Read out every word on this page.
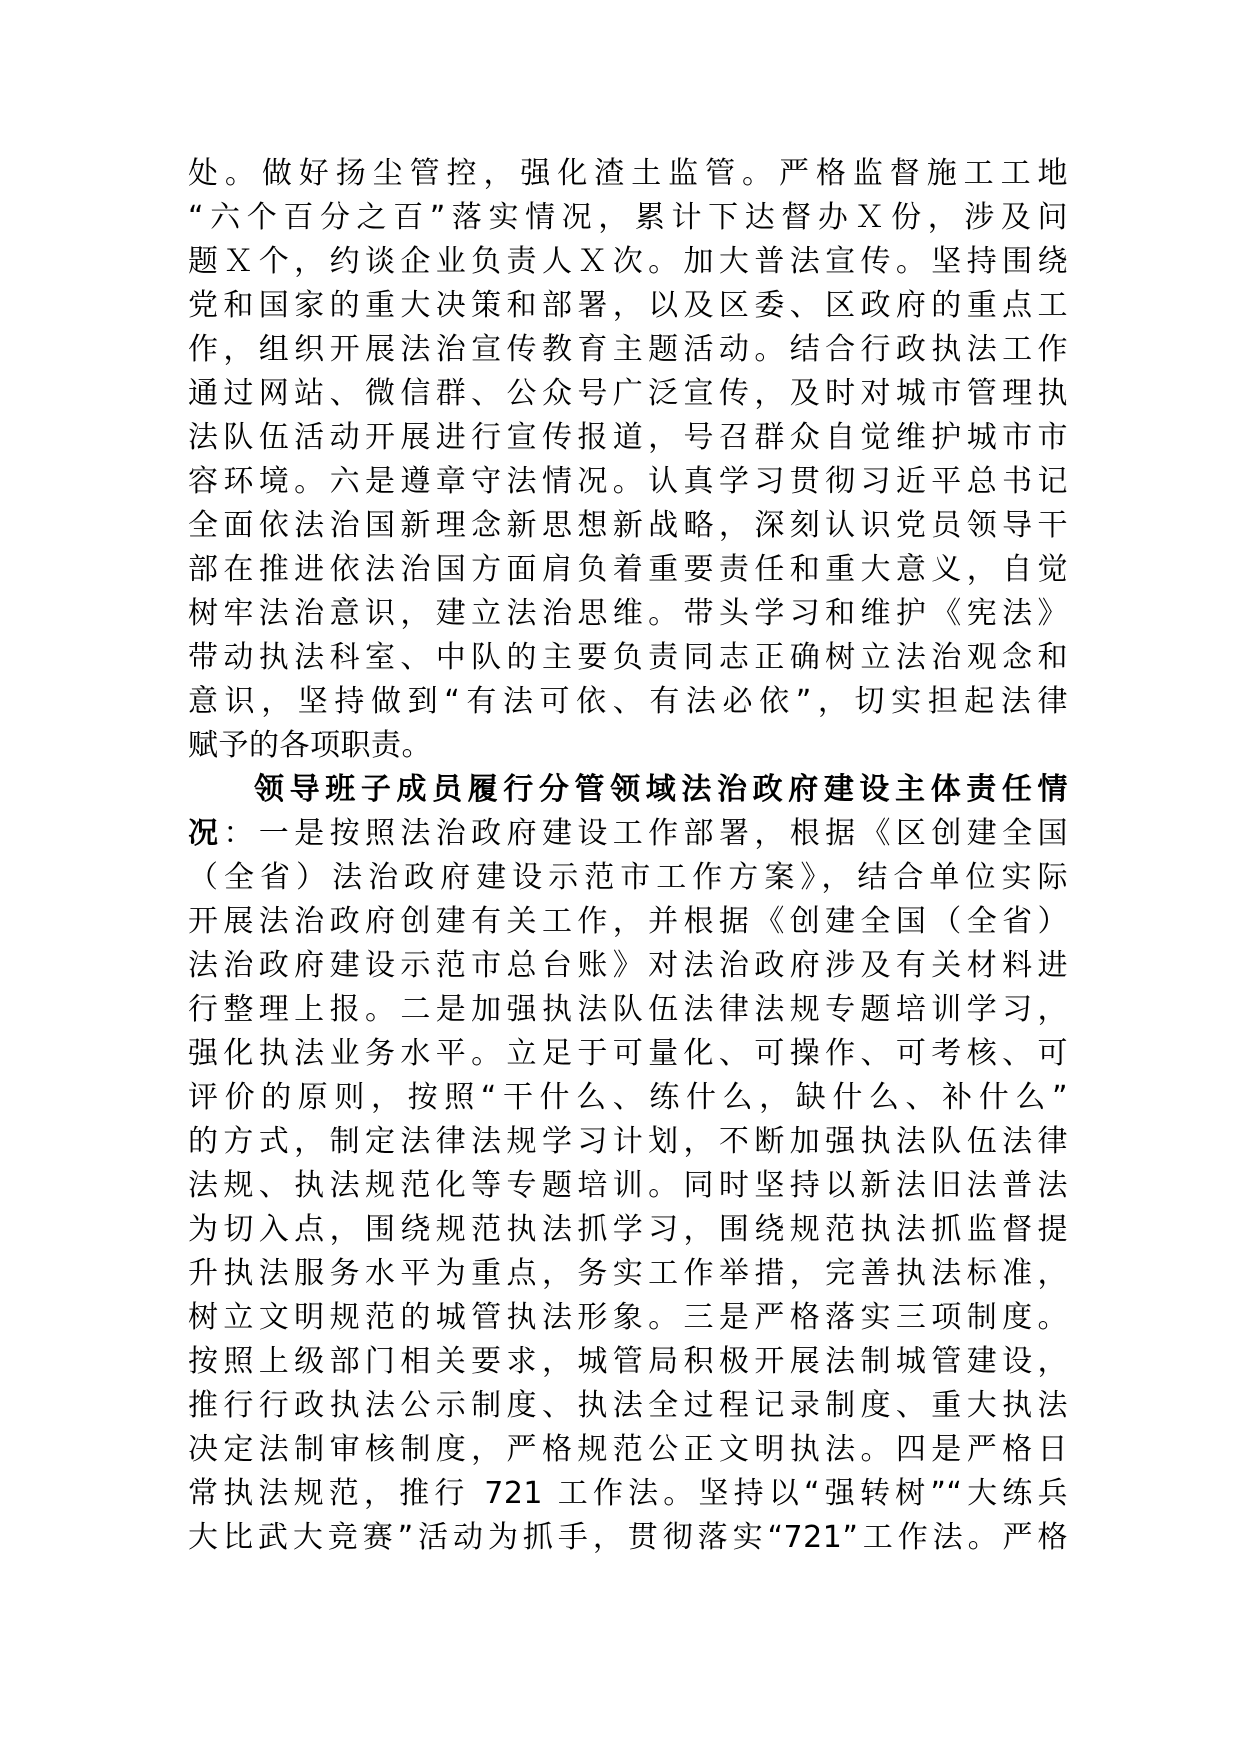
处。做好扬尘管控，强化渣土监管。严格监督施工工地
“六个百分之百”落实情况，累计下达督办Ｘ份，涉及问
题Ｘ个，约谈企业负责人Ｘ次。加大普法宣传。坚持围绕
党和国家的重大决策和部署，以及区委、区政府的重点工
作，组织开展法治宣传教育主题活动。结合行政执法工作
通过网站、微信群、公众号广泛宣传，及时对城市管理执
法队伍活动开展进行宣传报道，号召群众自觉维护城市市
容环境。六是遵章守法情况。认真学习贯彻习近平总书记
全面依法治国新理念新思想新战略，深刻认识党员领导干
部在推进依法治国方面肩负着重要责任和重大意义，自觉
树牢法治意识，建立法治思维。带头学习和维护《宪法》
带动执法科室、中队的主要负责同志正确树立法治观念和
意识，坚持做到“有法可依、有法必依”，切实担起法律
赋予的各项职责。
领导班子成员履行分管领域法治政府建设主体责任情
况：一是按照法治政府建设工作部署，根据《区创建全国
（全省）法治政府建设示范市工作方案》，结合单位实际
开展法治政府创建有关工作，并根据《创建全国（全省）
法治政府建设示范市总台账》对法治政府涉及有关材料进
行整理上报。二是加强执法队伍法律法规专题培训学习，
强化执法业务水平。立足于可量化、可操作、可考核、可
评价的原则，按照“干什么、练什么，缺什么、补什么”
的方式，制定法律法规学习计划，不断加强执法队伍法律
法规、执法规范化等专题培训。同时坚持以新法旧法普法
为切入点，围绕规范执法抓学习，围绕规范执法抓监督提
升执法服务水平为重点，务实工作举措，完善执法标准，
树立文明规范的城管执法形象。三是严格落实三项制度。
按照上级部门相关要求，城管局积极开展法制城管建设，
推行行政执法公示制度、执法全过程记录制度、重大执法
决定法制审核制度，严格规范公正文明执法。四是严格日
常执法规范，推行 721 工作法。坚持以“强转树”“大练兵
大比武大竞赛”活动为抓手，贯彻落实“721”工作法。严格
